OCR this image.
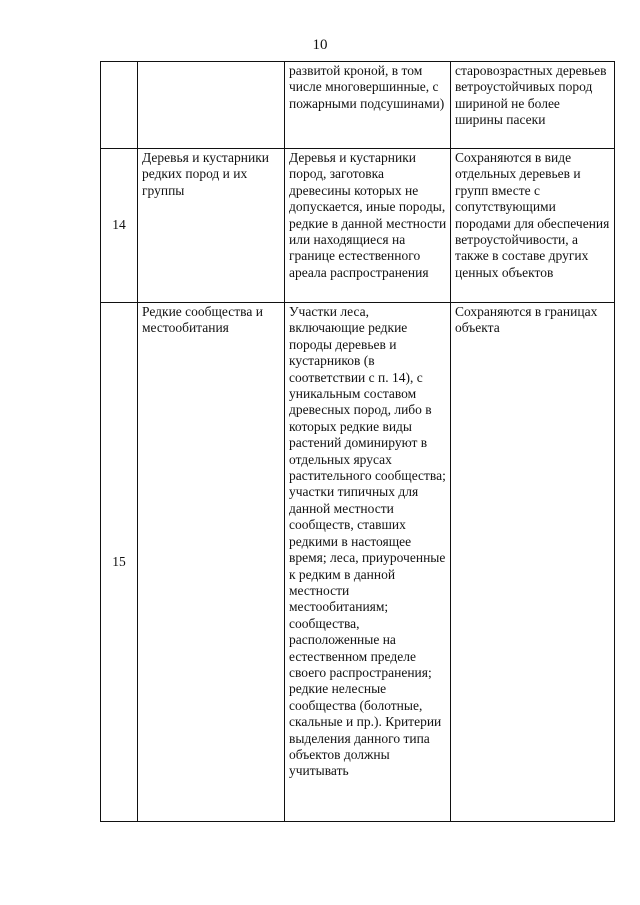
10
		развитой кроной, в том числе многовершинные, с пожарными подсушинами)	старовозрастных деревьев ветроустойчивых пород шириной не более ширины пасеки
14	Деревья и кустарники редких пород и их группы	Деревья и кустарники пород, заготовка древесины которых не допускается, иные породы, редкие в данной местности или находящиеся на границе естественного ареала распространения	Сохраняются в виде отдельных деревьев и групп вместе с сопутствующими породами для обеспечения ветроустойчивости, а также в составе других ценных объектов
15	Редкие сообщества и местообитания	Участки леса, включающие редкие породы деревьев и кустарников (в соответствии с п. 14), с уникальным составом древесных пород, либо в которых редкие виды растений доминируют в отдельных ярусах растительного сообщества; участки типичных для данной местности сообществ, ставших редкими в настоящее время; леса, приуроченные к редким в данной местности местообитаниям; сообщества, расположенные на естественном пределе своего распространения; редкие нелесные сообщества (болотные, скальные и пр.). Критерии выделения данного типа объектов должны учитывать	Сохраняются в границах объекта
